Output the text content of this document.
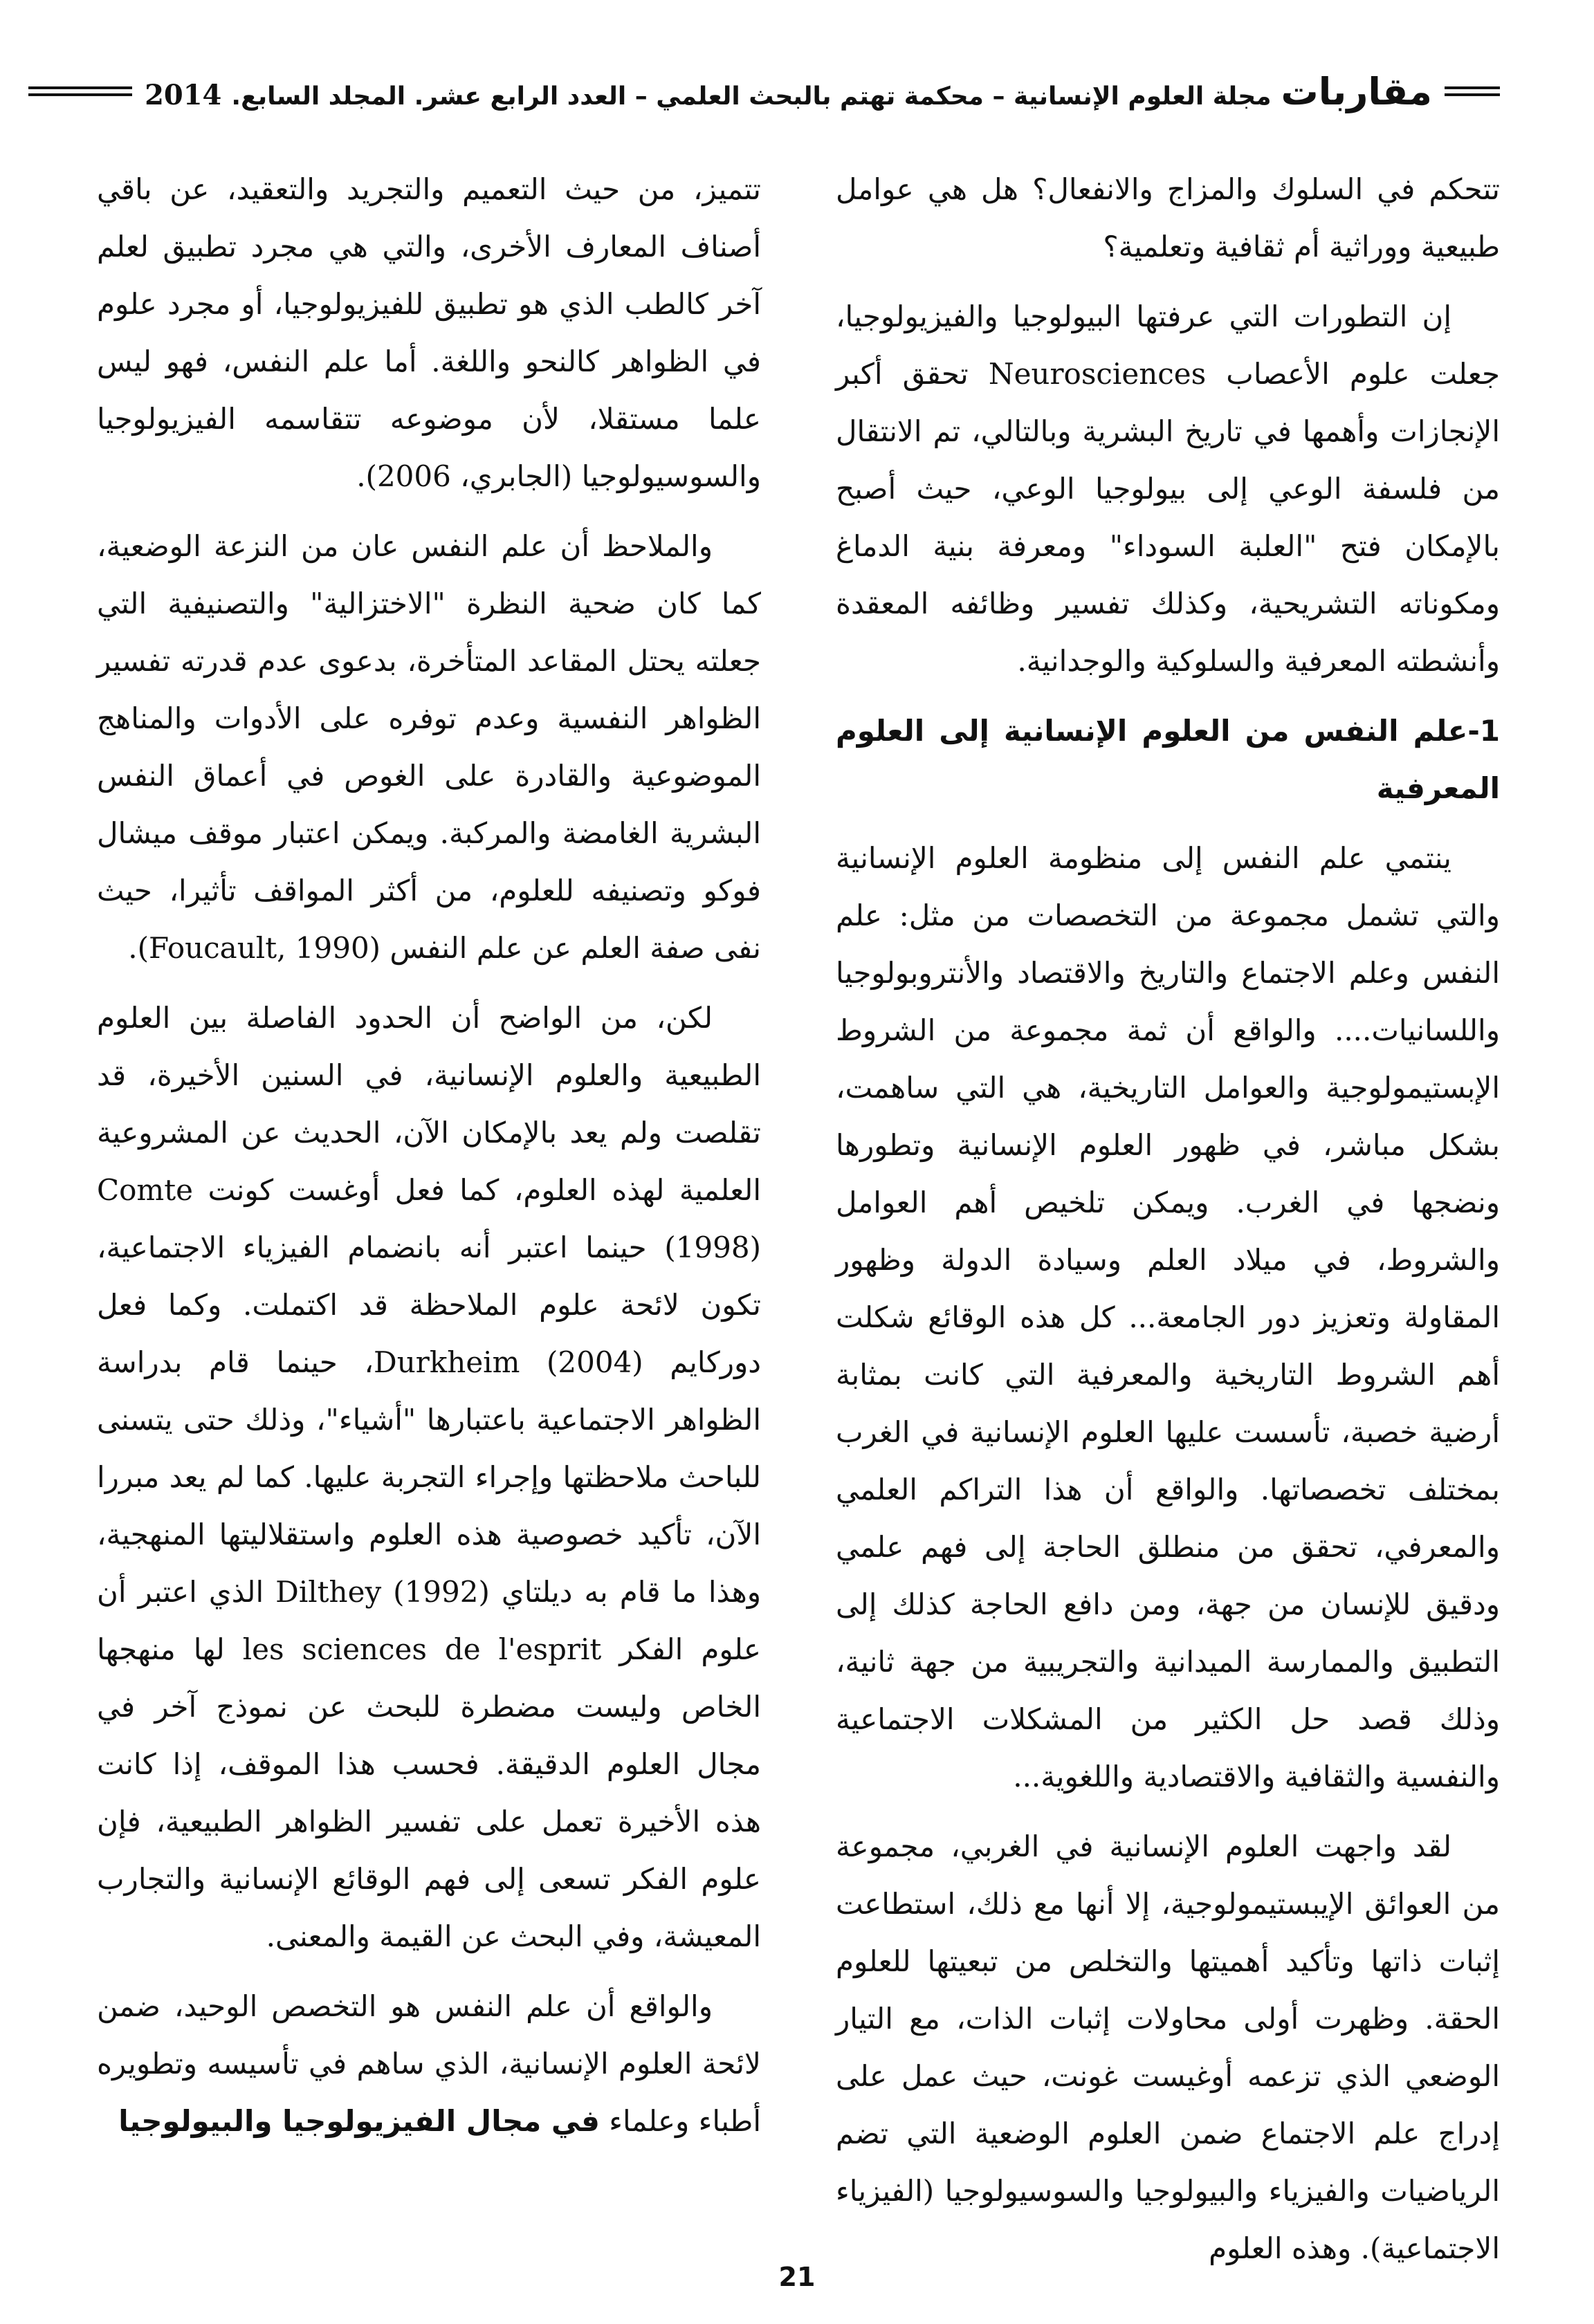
مقاربات
مجلة العلوم الإنسانية – محكمة تهتم بالبحث العلمي – العدد الرابع عشر. المجلد السابع.
2014

تتحكم في السلوك والمزاج والانفعال؟ هل هي عوامل طبيعية ووراثية أم ثقافية وتعلمية؟

إن التطورات التي عرفتها البيولوجيا والفيزيولوجيا، جعلت علوم الأعصاب Neurosciences تحقق أكبر الإنجازات وأهمها في تاريخ البشرية وبالتالي، تم الانتقال من فلسفة الوعي إلى بيولوجيا الوعي، حيث أصبح بالإمكان فتح "العلبة السوداء" ومعرفة بنية الدماغ ومكوناته التشريحية، وكذلك تفسير وظائفه المعقدة وأنشطته المعرفية والسلوكية والوجدانية.

1-علم النفس من العلوم الإنسانية إلى العلوم المعرفية

ينتمي علم النفس إلى منظومة العلوم الإنسانية والتي تشمل مجموعة من التخصصات من مثل: علم النفس وعلم الاجتماع والتاريخ والاقتصاد والأنتروبولوجيا واللسانيات.... والواقع أن ثمة مجموعة من الشروط الإبستيمولوجية والعوامل التاريخية، هي التي ساهمت، بشكل مباشر، في ظهور العلوم الإنسانية وتطورها ونضجها في الغرب. ويمكن تلخيص أهم العوامل والشروط، في ميلاد العلم وسيادة الدولة وظهور المقاولة وتعزيز دور الجامعة... كل هذه الوقائع شكلت أهم الشروط التاريخية والمعرفية التي كانت بمثابة أرضية خصبة، تأسست عليها العلوم الإنسانية في الغرب بمختلف تخصصاتها. والواقع أن هذا التراكم العلمي والمعرفي، تحقق من منطلق الحاجة إلى فهم علمي ودقيق للإنسان من جهة، ومن دافع الحاجة كذلك إلى التطبيق والممارسة الميدانية والتجريبية من جهة ثانية، وذلك قصد حل الكثير من المشكلات الاجتماعية والنفسية والثقافية والاقتصادية واللغوية...

لقد واجهت العلوم الإنسانية في الغربي، مجموعة من العوائق الإيبستيمولوجية، إلا أنها مع ذلك، استطاعت إثبات ذاتها وتأكيد أهميتها والتخلص من تبعيتها للعلوم الحقة. وظهرت أولى محاولات إثبات الذات، مع التيار الوضعي الذي تزعمه أوغيست غونت، حيث عمل على إدراج علم الاجتماع ضمن العلوم الوضعية التي تضم الرياضيات والفيزياء والبيولوجيا والسوسيولوجيا (الفيزياء الاجتماعية). وهذه العلوم

تتميز، من حيث التعميم والتجريد والتعقيد، عن باقي أصناف المعارف الأخرى، والتي هي مجرد تطبيق لعلم آخر كالطب الذي هو تطبيق للفيزيولوجيا، أو مجرد علوم في الظواهر كالنحو واللغة. أما علم النفس، فهو ليس علما مستقلا، لأن موضوعه تتقاسمه الفيزيولوجيا والسوسيولوجيا (الجابري، 2006).

والملاحظ أن علم النفس عان من النزعة الوضعية، كما كان ضحية النظرة "الاختزالية" والتصنيفية التي جعلته يحتل المقاعد المتأخرة، بدعوى عدم قدرته تفسير الظواهر النفسية وعدم توفره على الأدوات والمناهج الموضوعية والقادرة على الغوص في أعماق النفس البشرية الغامضة والمركبة. ويمكن اعتبار موقف ميشال فوكو وتصنيفه للعلوم، من أكثر المواقف تأثيرا، حيث نفى صفة العلم عن علم النفس (Foucault, 1990).

لكن، من الواضح أن الحدود الفاصلة بين العلوم الطبيعية والعلوم الإنسانية، في السنين الأخيرة، قد تقلصت ولم يعد بالإمكان الآن، الحديث عن المشروعية العلمية لهذه العلوم، كما فعل أوغست كونت Comte (1998) حينما اعتبر أنه بانضمام الفيزياء الاجتماعية، تكون لائحة علوم الملاحظة قد اكتملت. وكما فعل دوركايم Durkheim (2004)، حينما قام بدراسة الظواهر الاجتماعية باعتبارها "أشياء"، وذلك حتى يتسنى للباحث ملاحظتها وإجراء التجربة عليها. كما لم يعد مبررا الآن، تأكيد خصوصية هذه العلوم واستقلاليتها المنهجية، وهذا ما قام به ديلتاي Dilthey (1992) الذي اعتبر أن علوم الفكر les sciences de l'esprit لها منهجها الخاص وليست مضطرة للبحث عن نموذج آخر في مجال العلوم الدقيقة. فحسب هذا الموقف، إذا كانت هذه الأخيرة تعمل على تفسير الظواهر الطبيعية، فإن علوم الفكر تسعى إلى فهم الوقائع الإنسانية والتجارب المعيشة، وفي البحث عن القيمة والمعنى.

والواقع أن علم النفس هو التخصص الوحيد، ضمن لائحة العلوم الإنسانية، الذي ساهم في تأسيسه وتطويره أطباء وعلماء في مجال الفيزيولوجيا والبيولوجيا

21
